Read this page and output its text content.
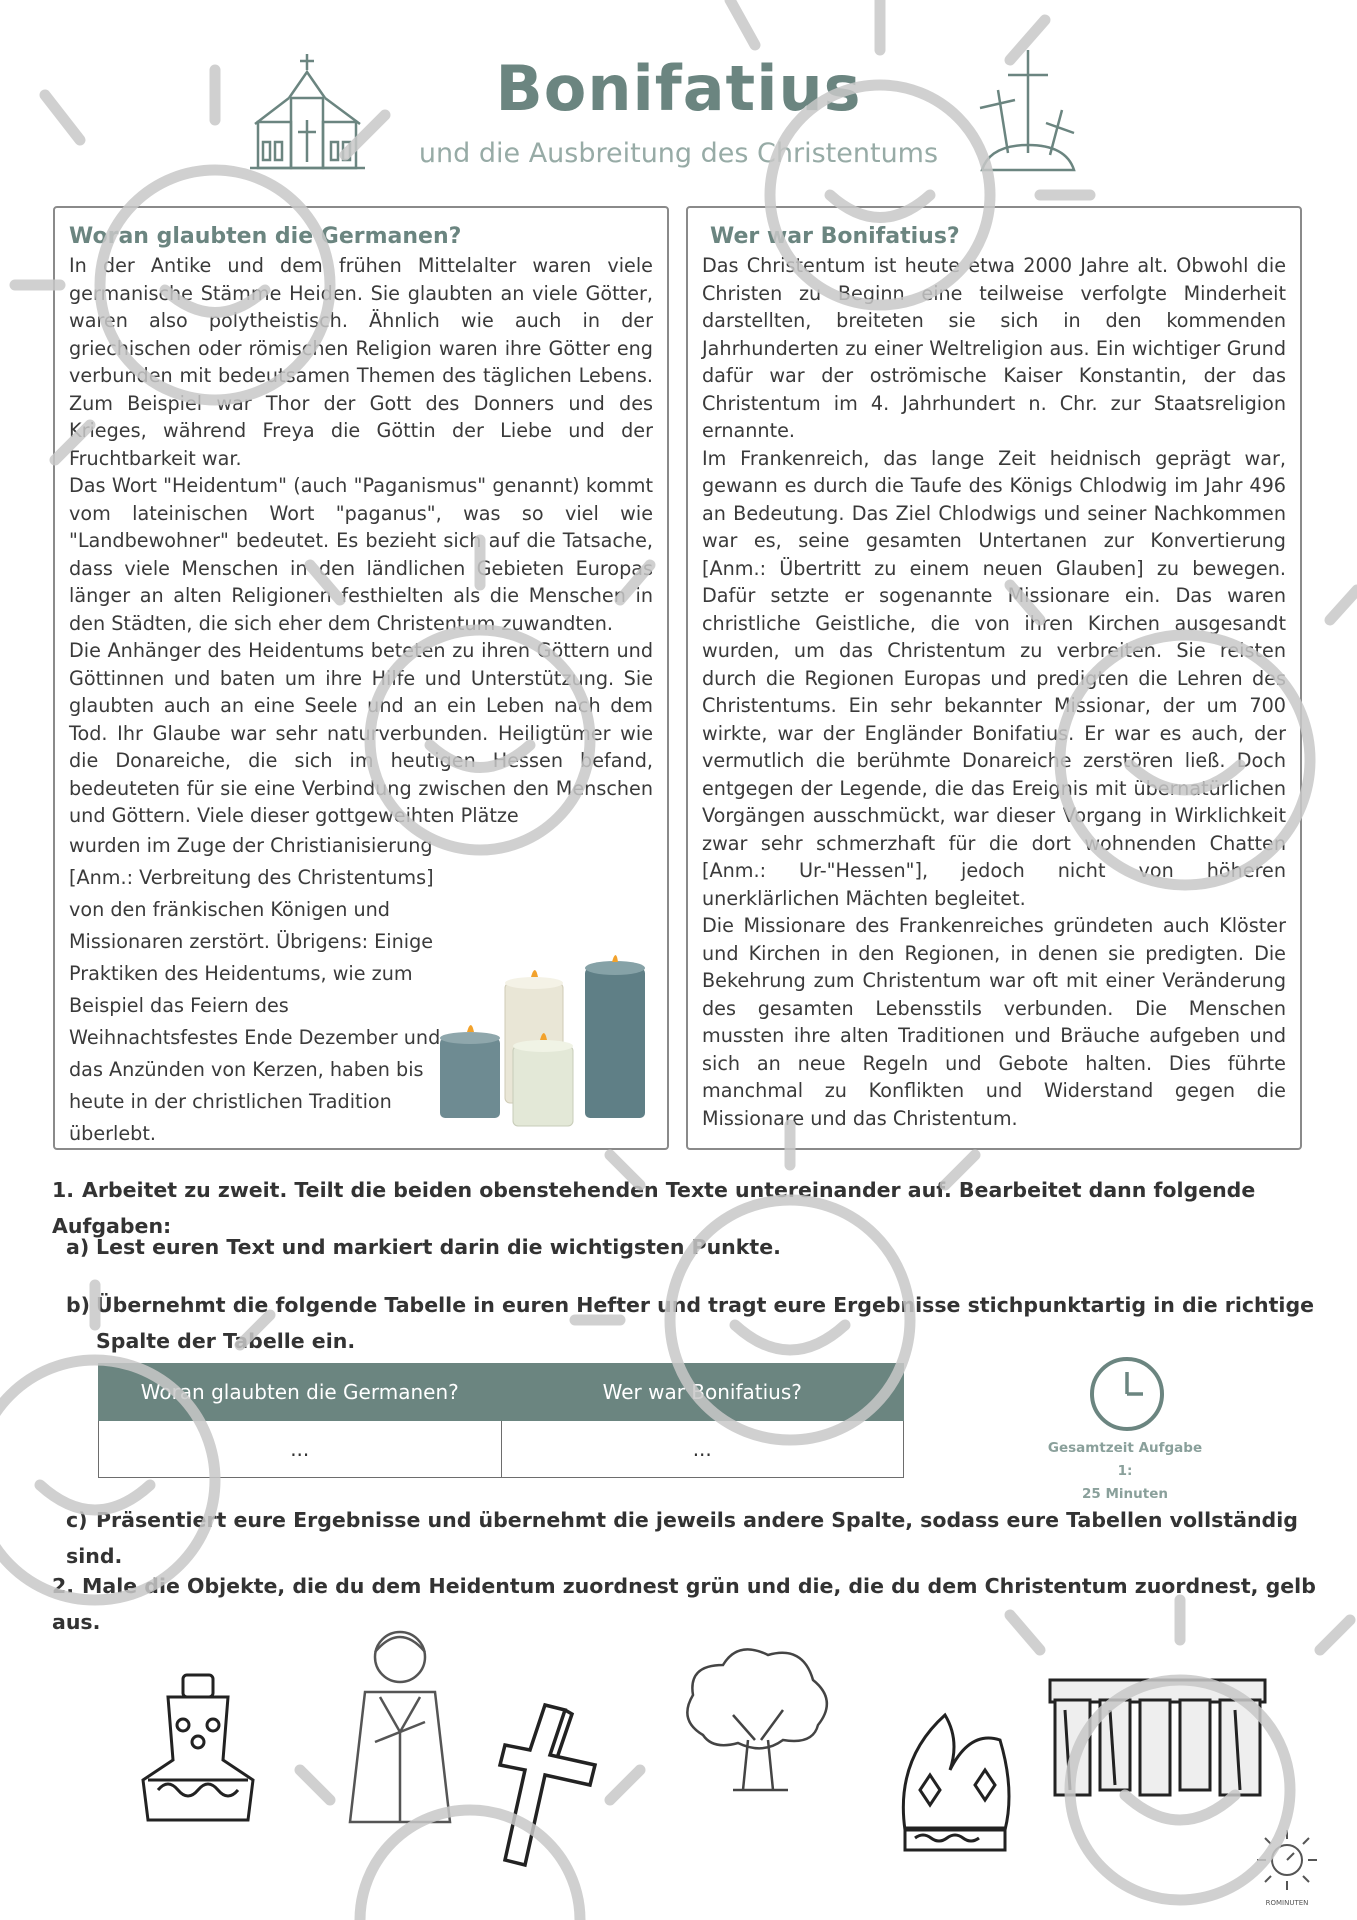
Bonifatius
und die Ausbreitung des Christentums
Woran glaubten die Germanen?

In der Antike und dem frühen Mittelalter waren viele germanische Stämme Heiden. Sie glaubten an viele Götter, waren also polytheistisch. Ähnlich wie auch in der griechischen oder römischen Religion waren ihre Götter eng verbunden mit bedeutsamen Themen des täglichen Lebens. Zum Beispiel war Thor der Gott des Donners und des Krieges, während Freya die Göttin der Liebe und der Fruchtbarkeit war.

Das Wort "Heidentum" (auch "Paganismus" genannt) kommt vom lateinischen Wort "paganus", was so viel wie "Landbewohner" bedeutet. Es bezieht sich auf die Tatsache, dass viele Menschen in den ländlichen Gebieten Europas länger an alten Religionen festhielten als die Menschen in den Städten, die sich eher dem Christentum zuwandten.

Die Anhänger des Heidentums beteten zu ihren Göttern und Göttinnen und baten um ihre Hilfe und Unterstützung. Sie glaubten auch an eine Seele und an ein Leben nach dem Tod. Ihr Glaube war sehr naturverbunden. Heiligtümer wie die Donareiche, die sich im heutigen Hessen befand, bedeuteten für sie eine Verbindung zwischen den Menschen und Göttern. Viele dieser gottgeweihten Plätze

wurden im Zuge der Christianisierung [Anm.: Verbreitung des Christentums] von den fränkischen Königen und Missionaren zerstört. Übrigens: Einige Praktiken des Heidentums, wie zum Beispiel das Feiern des Weihnachtsfestes Ende Dezember und das Anzünden von Kerzen, haben bis heute in der christlichen Tradition überlebt.

Wer war Bonifatius?

Das Christentum ist heute etwa 2000 Jahre alt. Obwohl die Christen zu Beginn eine teilweise verfolgte Minderheit darstellten, breiteten sie sich in den kommenden Jahrhunderten zu einer Weltreligion aus. Ein wichtiger Grund dafür war der oströmische Kaiser Konstantin, der das Christentum im 4. Jahrhundert n. Chr. zur Staatsreligion ernannte.

Im Frankenreich, das lange Zeit heidnisch geprägt war, gewann es durch die Taufe des Königs Chlodwig im Jahr 496 an Bedeutung. Das Ziel Chlodwigs und seiner Nachkommen war es, seine gesamten Untertanen zur Konvertierung [Anm.: Übertritt zu einem neuen Glauben] zu bewegen. Dafür setzte er sogenannte Missionare ein. Das waren christliche Geistliche, die von ihren Kirchen ausgesandt wurden, um das Christentum zu verbreiten. Sie reisten durch die Regionen Europas und predigten die Lehren des Christentums. Ein sehr bekannter Missionar, der um 700 wirkte, war der Engländer Bonifatius. Er war es auch, der vermutlich die berühmte Donareiche zerstören ließ. Doch entgegen der Legende, die das Ereignis mit übernatürlichen Vorgängen ausschmückt, war dieser Vorgang in Wirklichkeit zwar sehr schmerzhaft für die dort wohnenden Chatten [Anm.: Ur-"Hessen"], jedoch nicht von höheren unerklärlichen Mächten begleitet.

Die Missionare des Frankenreiches gründeten auch Klöster und Kirchen in den Regionen, in denen sie predigten. Die Bekehrung zum Christentum war oft mit einer Veränderung des gesamten Lebensstils verbunden. Die Menschen mussten ihre alten Traditionen und Bräuche aufgeben und sich an neue Regeln und Gebote halten. Dies führte manchmal zu Konflikten und Widerstand gegen die Missionare und das Christentum.

1. Arbeitet zu zweit. Teilt die beiden obenstehenden Texte untereinander auf. Bearbeitet dann folgende Aufgaben:
a) Lest euren Text und markiert darin die wichtigsten Punkte.
b) Übernehmt die folgende Tabelle in euren Hefter und tragt eure Ergebnisse stichpunktartig in die richtige Spalte der Tabelle ein.
Woran glaubten die Germanen?	Wer war Bonifatius?
...	...	Gesamtzeit Aufgabe 1:
25 Minuten
c) Präsentiert eure Ergebnisse und übernehmt die jeweils andere Spalte, sodass eure Tabellen vollständig sind.
2. Male die Objekte, die du dem Heidentum zuordnest grün und die, die du dem Christentum zuordnest, gelb aus.
ROMINUTEN
